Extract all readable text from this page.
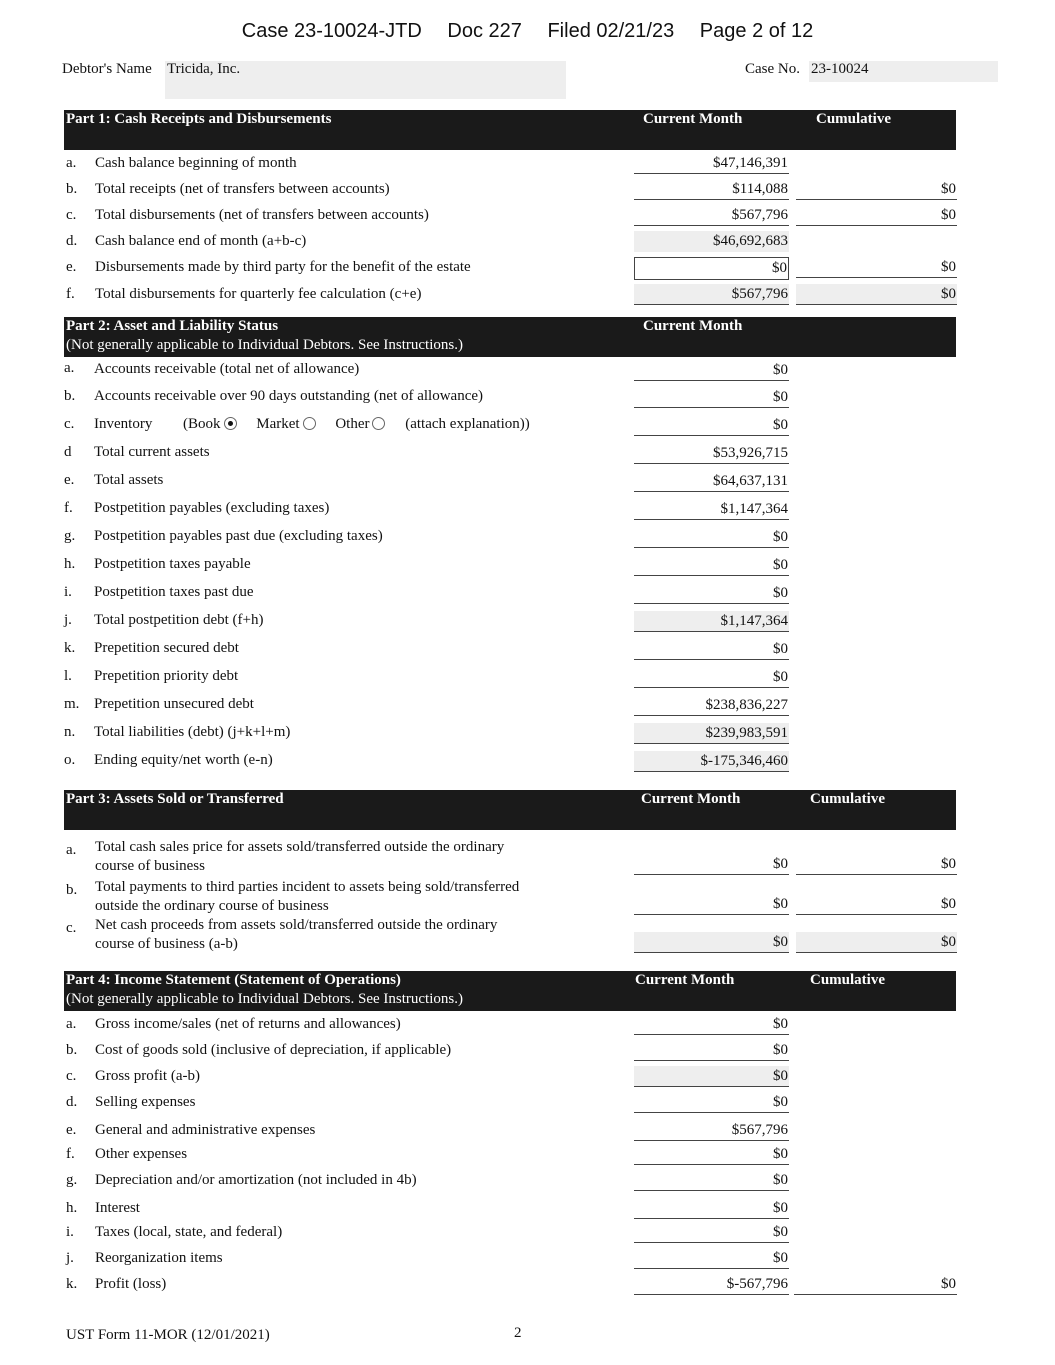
Case 23-10024-JTD Doc 227 Filed 02/21/23 Page 2 of 12
Debtor's Name Tricida, Inc.	Case No. 23-10024
Part 1: Cash Receipts and Disbursements	Current Month	Cumulative
a. Cash balance beginning of month	$47,146,391
b. Total receipts (net of transfers between accounts)	$114,088	$0
c. Total disbursements (net of transfers between accounts)	$567,796	$0
d. Cash balance end of month (a+b-c)	$46,692,683
e. Disbursements made by third party for the benefit of the estate	$0	$0
f. Total disbursements for quarterly fee calculation (c+e)	$567,796	$0
Part 2: Asset and Liability Status
(Not generally applicable to Individual Debtors. See Instructions.)
Current Month
a. Accounts receivable (total net of allowance)	$0
b. Accounts receivable over 90 days outstanding (net of allowance)	$0
c. Inventory (Book Market Other (attach explanation))	$0
d Total current assets	$53,926,715
e. Total assets	$64,637,131
f. Postpetition payables (excluding taxes)	$1,147,364
g. Postpetition payables past due (excluding taxes)	$0
h. Postpetition taxes payable	$0
i. Postpetition taxes past due	$0
j. Total postpetition debt (f+h)	$1,147,364
k. Prepetition secured debt	$0
l. Prepetition priority debt	$0
m. Prepetition unsecured debt	$238,836,227
n. Total liabilities (debt) (j+k+l+m)	$239,983,591
o. Ending equity/net worth (e-n)	$-175,346,460
Part 3: Assets Sold or Transferred	Current Month	Cumulative
a. Total cash sales price for assets sold/transferred outside the ordinary
course of business	$0	$0
b. Total payments to third parties incident to assets being sold/transferred
outside the ordinary course of business	$0	$0
c. Net cash proceeds from assets sold/transferred outside the ordinary
course of business (a-b)	$0	$0
Part 4: Income Statement (Statement of Operations)
(Not generally applicable to Individual Debtors. See Instructions.)
Current Month	Cumulative
a. Gross income/sales (net of returns and allowances)	$0
b. Cost of goods sold (inclusive of depreciation, if applicable)	$0
c. Gross profit (a-b)	$0
d. Selling expenses	$0
e. General and administrative expenses	$567,796
f. Other expenses	$0
g. Depreciation and/or amortization (not included in 4b)	$0
h. Interest	$0
i. Taxes (local, state, and federal)	$0
j. Reorganization items	$0
k. Profit (loss)	$-567,796	$0
UST Form 11-MOR (12/01/2021)	2
